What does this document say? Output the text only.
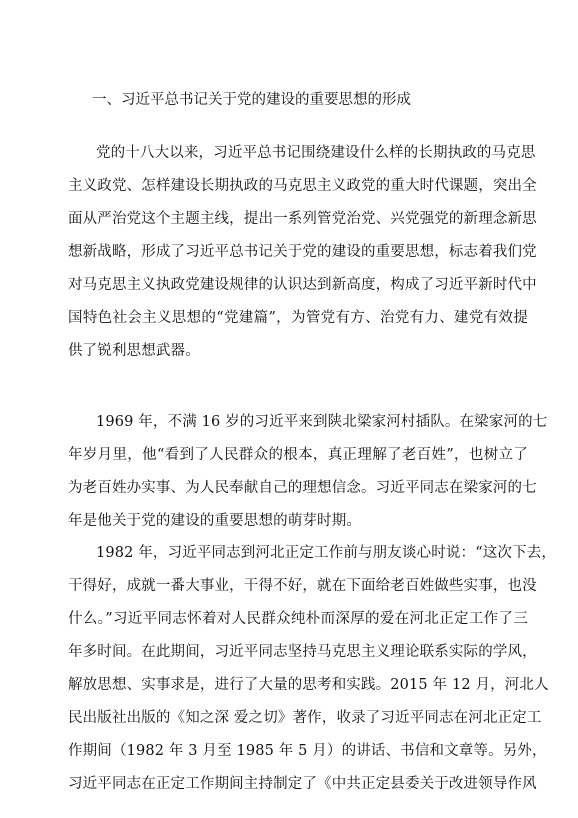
一、习近平总书记关于党的建设的重要思想的形成
党的十八大以来，习近平总书记围绕建设什么样的长期执政的马克思
主义政党、怎样建设长期执政的马克思主义政党的重大时代课题，突出全
面从严治党这个主题主线，提出一系列管党治党、兴党强党的新理念新思
想新战略，形成了习近平总书记关于党的建设的重要思想，标志着我们党
对马克思主义执政党建设规律的认识达到新高度，构成了习近平新时代中
国特色社会主义思想的“党建篇”，为管党有方、治党有力、建党有效提
供了锐利思想武器。
1969 年，不满 16 岁的习近平来到陕北梁家河村插队。在梁家河的七
年岁月里，他“看到了人民群众的根本，真正理解了老百姓”，也树立了
为老百姓办实事、为人民奉献自己的理想信念。习近平同志在梁家河的七
年是他关于党的建设的重要思想的萌芽时期。
1982 年，习近平同志到河北正定工作前与朋友谈心时说：“这次下去，
干得好，成就一番大事业，干得不好，就在下面给老百姓做些实事，也没
什么。”习近平同志怀着对人民群众纯朴而深厚的爱在河北正定工作了三
年多时间。在此期间，习近平同志坚持马克思主义理论联系实际的学风，
解放思想、实事求是，进行了大量的思考和实践。2015 年 12 月，河北人
民出版社出版的《知之深 爱之切》著作，收录了习近平同志在河北正定工
作期间（1982 年 3 月至 1985 年 5 月）的讲话、书信和文章等。另外，
习近平同志在正定工作期间主持制定了《中共正定县委关于改进领导作风
